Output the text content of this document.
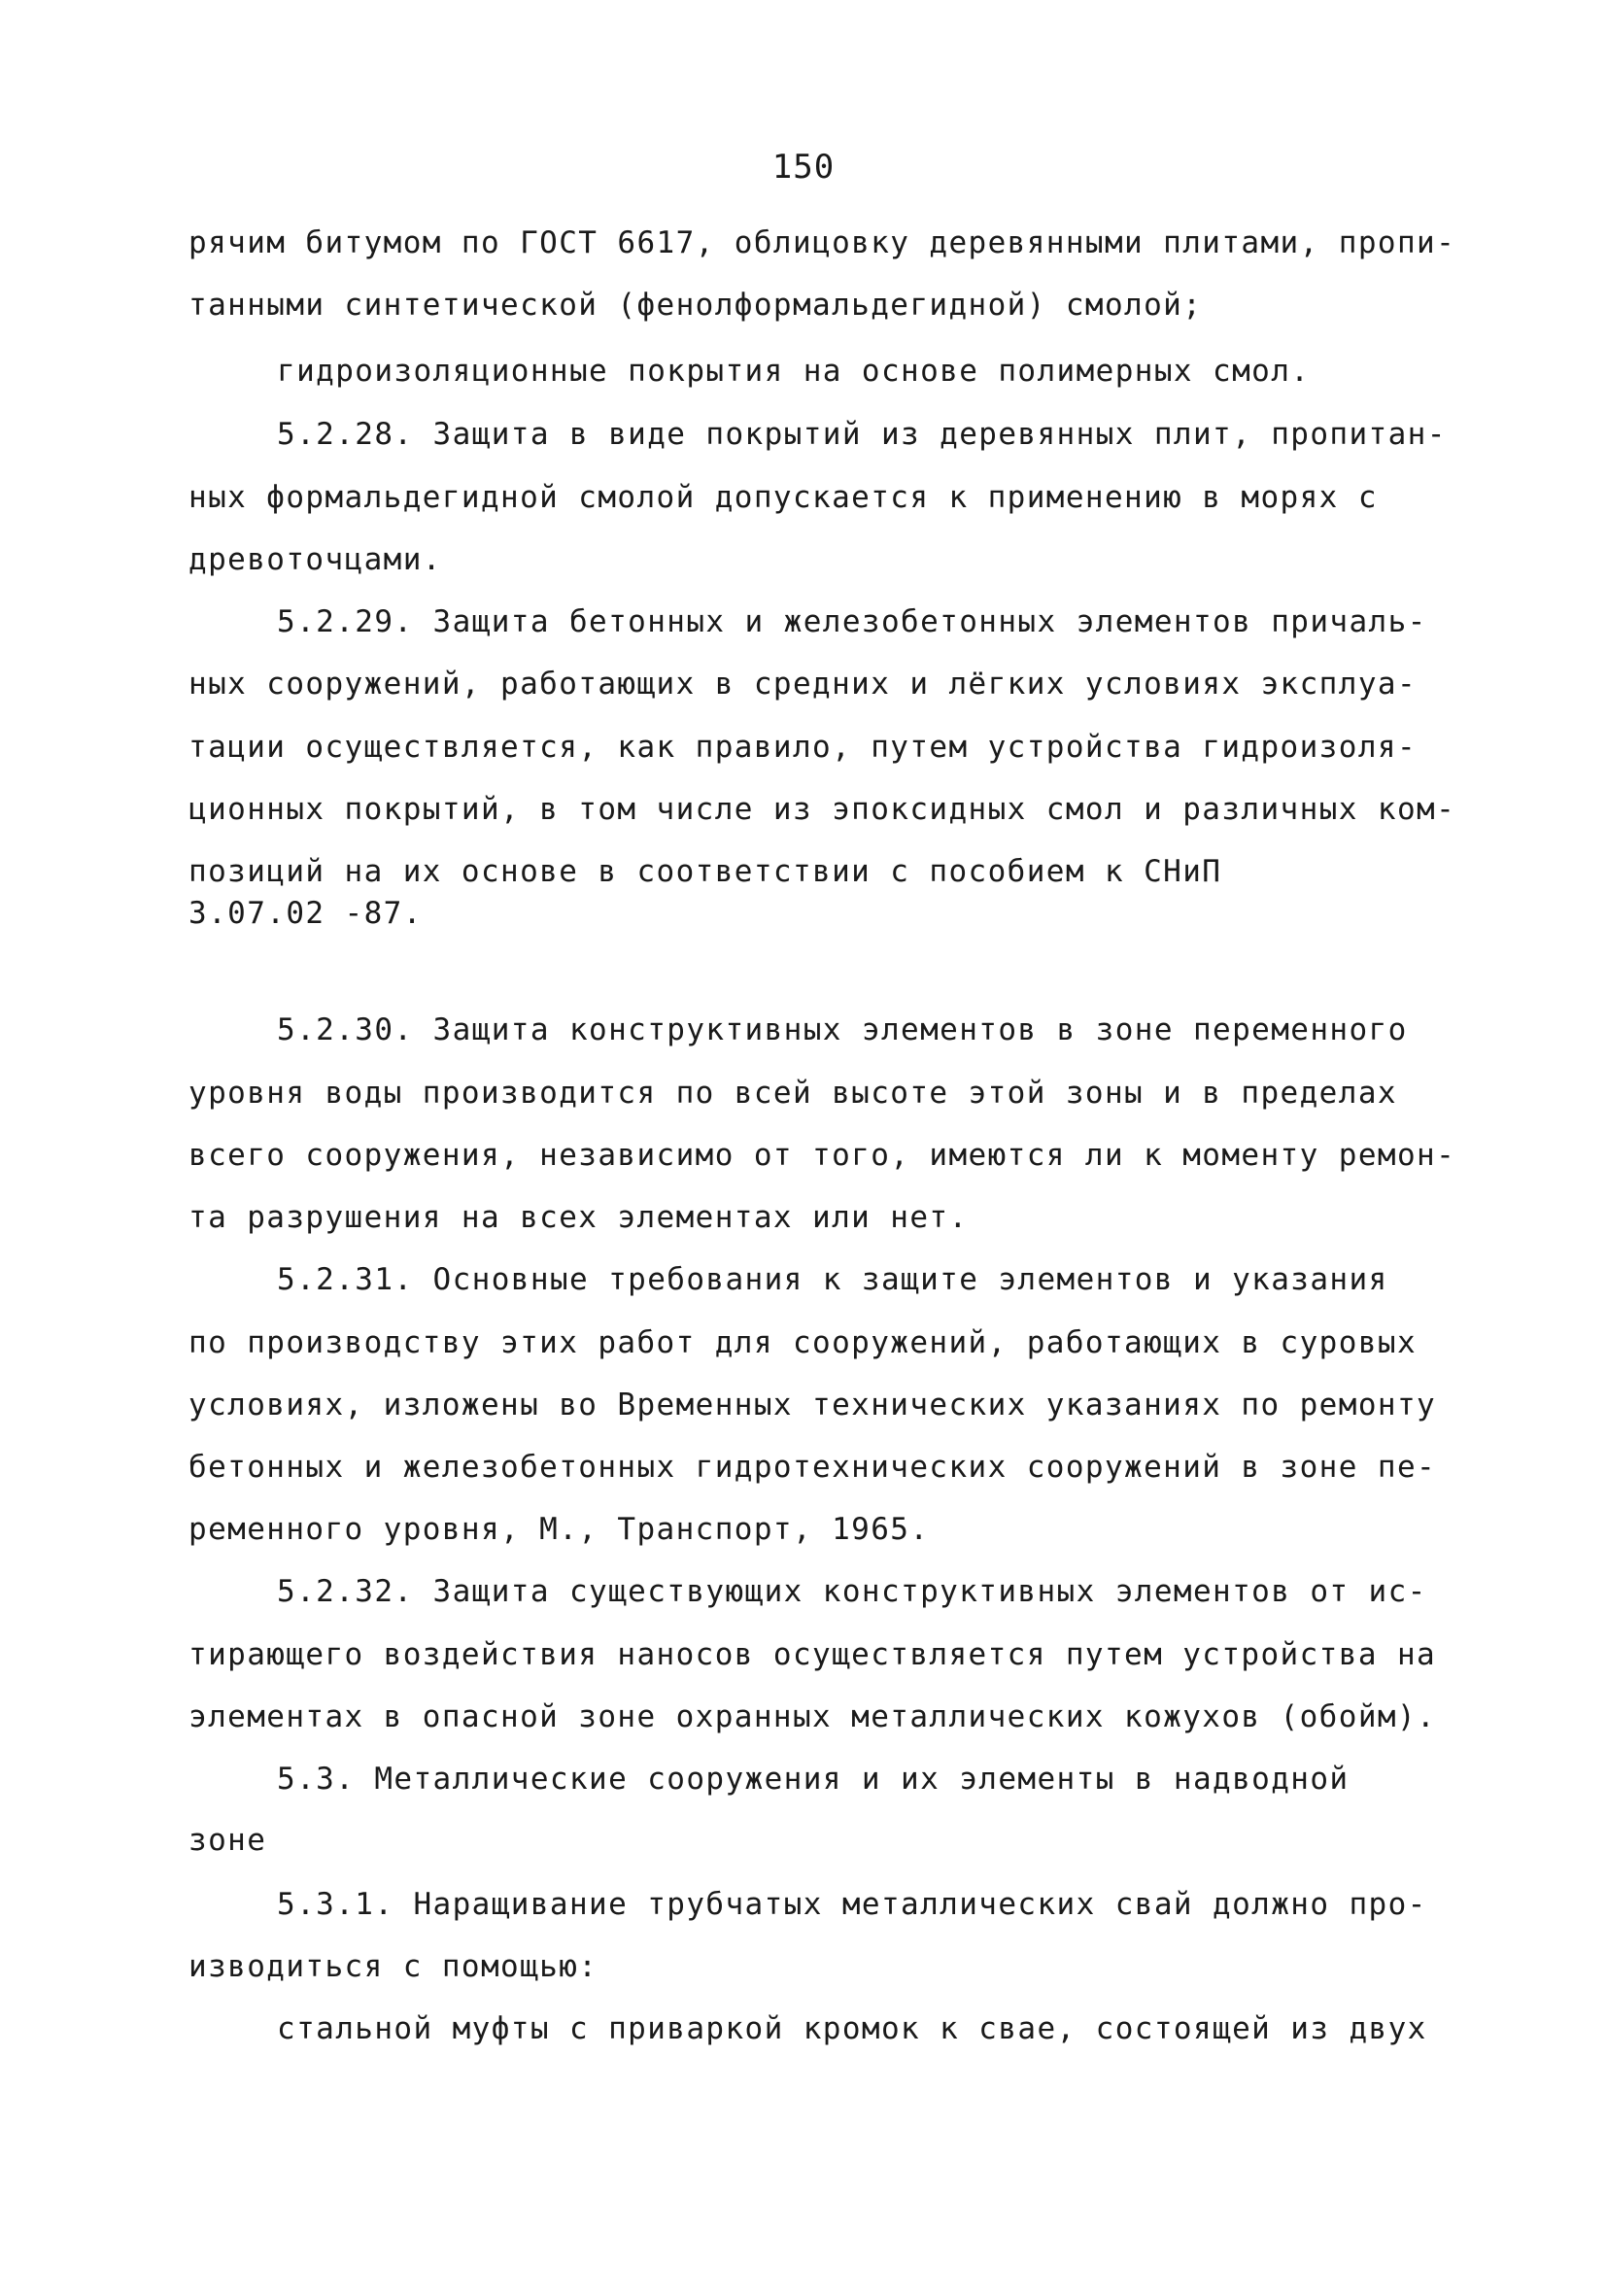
150
рячим битумом по ГОСТ 6617, облицовку деревянными плитами, пропи-
танными синтетической (фенолформальдегидной) смолой;
гидроизоляционные покрытия на основе полимерных смол.
5.2.28. Защита в виде покрытий из деревянных плит, пропитан-
ных формальдегидной смолой допускается к применению в морях с
древоточцами.
5.2.29. Защита бетонных и железобетонных элементов причаль-
ных сооружений, работающих в средних и лёгких условиях эксплуа-
тации осуществляется, как правило, путем устройства гидроизоля-
ционных покрытий, в том числе из эпоксидных смол и различных ком-
позиций на их основе в соответствии с пособием к СНиП
3.07.02 -87.
5.2.30. Защита конструктивных элементов в зоне переменного
уровня воды производится по всей высоте этой зоны и в пределах
всего сооружения, независимо от того, имеются ли к моменту ремон-
та разрушения на всех элементах или нет.
5.2.31. Основные требования к защите элементов и указания
по производству этих работ для сооружений, работающих в суровых
условиях, изложены во Временных технических указаниях по ремонту
бетонных и железобетонных гидротехнических сооружений в зоне пе-
ременного уровня, М., Транспорт, 1965.
5.2.32. Защита существующих конструктивных элементов от ис-
тирающего воздействия наносов осуществляется путем устройства на
элементах в опасной зоне охранных металлических кожухов (обойм).
5.3. Металлические сооружения и их элементы в надводной
зоне
5.3.1. Наращивание трубчатых металлических свай должно про-
изводиться с помощью:
стальной муфты с приваркой кромок к свае, состоящей из двух
